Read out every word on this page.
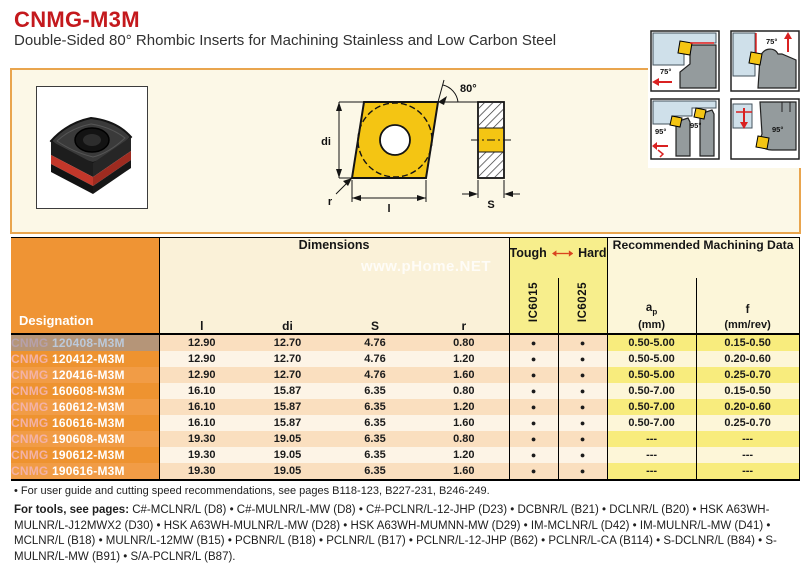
CNMG-M3M
Double-Sided 80° Rhombic Inserts for Machining Stainless and Low Carbon Steel
80°
di
l
r	S
75°
75°
95°
95°	95°
Designation	Dimensions				Tough Hard		Recommended Machining Data	
	l	di	S	r	IC6015	IC6025	$a_p$
(mm)	f
(mm/rev)
CNMG 120408-M3M	12.90	12.70	4.76	0.80	●	●	0.50-5.00	0.15-0.50
CNMG 120412-M3M	12.90	12.70	4.76	1.20	●	●	0.50-5.00	0.20-0.60
CNMG 120416-M3M	12.90	12.70	4.76	1.60	●	●	0.50-5.00	0.25-0.70
CNMG 160608-M3M	16.10	15.87	6.35	0.80	●	●	0.50-7.00	0.15-0.50
CNMG 160612-M3M	16.10	15.87	6.35	1.20	●	●	0.50-7.00	0.20-0.60
CNMG 160616-M3M	16.10	15.87	6.35	1.60	●	●	0.50-7.00	0.25-0.70
CNMG 190608-M3M	19.30	19.05	6.35	0.80	●	●	---	---
CNMG 190612-M3M	19.30	19.05	6.35	1.20	●	●	---	---
CNMG 190616-M3M	19.30	19.05	6.35	1.60	●	●	---	---
www.pHome.NET
• For user guide and cutting speed recommendations, see pages B118-123, B227-231, B246-249.

For tools, see pages: C#-MCLNR/L (D8) • C#-MULNR/L-MW (D8) • C#-PCLNR/L-12-JHP (D23) • DCBNR/L (B21) • DCLNR/L (B20) • HSK A63WH-MULNR/L-J12MWX2 (D30) • HSK A63WH-MULNR/L-MW (D28) • HSK A63WH-MUMNN-MW (D29) • IM-MCLNR/L (D42) • IM-MULNR/L-MW (D41) • MCLNR/L (B18) • MULNR/L-12MW (B15) • PCBNR/L (B18) • PCLNR/L (B17) • PCLNR/L-12-JHP (B62) • PCLNR/L-CA (B114) • S-DCLNR/L (B84) • S-MULNR/L-MW (B91) • S/A-PCLNR/L (B87).
